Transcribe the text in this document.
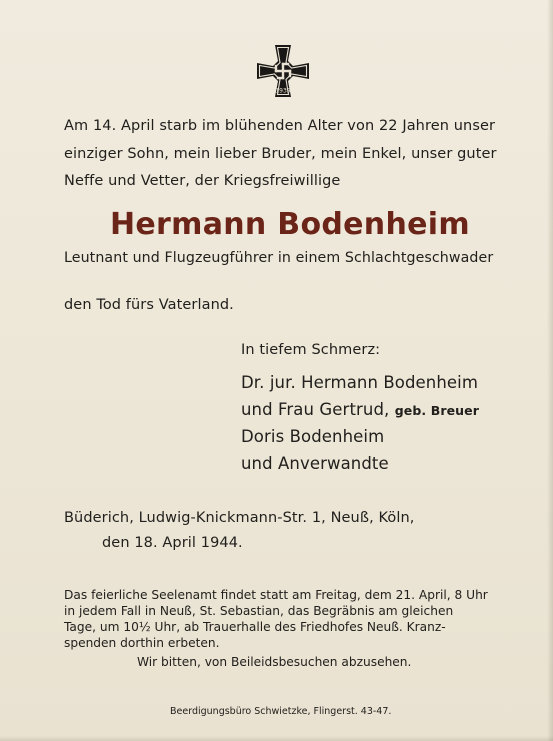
1939
Am 14. April starb im blühenden Alter von 22 Jahren unser
einziger Sohn, mein lieber Bruder, mein Enkel, unser guter
Neffe und Vetter, der Kriegsfreiwillige
Hermann Bodenheim
Leutnant und Flugzeugführer in einem Schlachtgeschwader
den Tod fürs Vaterland.
In tiefem Schmerz:
Dr. jur. Hermann Bodenheim
und Frau Gertrud, geb. Breuer
Doris Bodenheim
und Anverwandte
Büderich, Ludwig-Knickmann-Str. 1, Neuß, Köln,
den 18. April 1944.
Das feierliche Seelenamt findet statt am Freitag, dem 21. April, 8 Uhr
in jedem Fall in Neuß, St. Sebastian, das Begräbnis am gleichen
Tage, um 10½ Uhr, ab Trauerhalle des Friedhofes Neuß. Kranz-
spenden dorthin erbeten.
Wir bitten, von Beileidsbesuchen abzusehen.
Beerdigungsbüro Schwietzke, Flingerst. 43-47.
